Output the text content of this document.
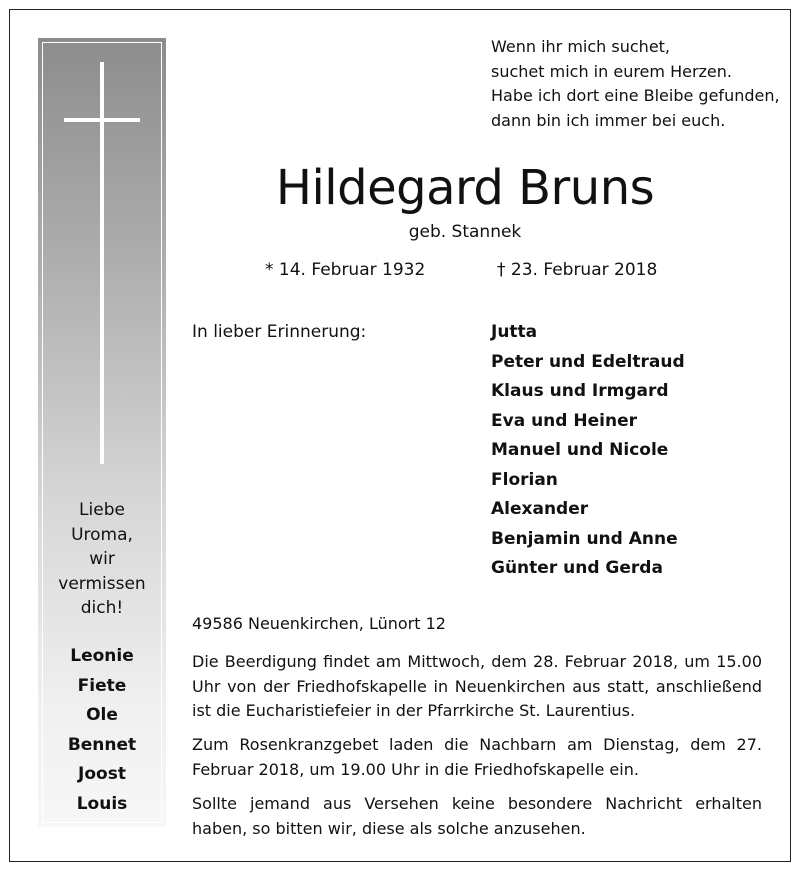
Liebe
Uroma,
wir
vermissen
dich!
Leonie
Fiete
Ole
Bennet
Joost
Louis
Wenn ihr mich suchet,
suchet mich in eurem Herzen.
Habe ich dort eine Bleibe gefunden,
dann bin ich immer bei euch.
Hildegard Bruns
geb. Stannek
* 14. Februar 1932	† 23. Februar 2018
In lieber Erinnerung:	Jutta
Peter und Edeltraud
Klaus und Irmgard
Eva und Heiner
Manuel und Nicole
Florian
Alexander
Benjamin und Anne
Günter und Gerda
49586 Neuenkirchen, Lünort 12
Die Beerdigung findet am Mittwoch, dem 28. Februar 2018, um 15.00 Uhr von der Friedhofskapelle in Neuenkirchen aus statt, anschließend ist die Eucharistiefeier in der Pfarrkirche St. Laurentius.
Zum Rosenkranzgebet laden die Nachbarn am Dienstag, dem 27. Februar 2018, um 19.00 Uhr in die Friedhofskapelle ein.
Sollte jemand aus Versehen keine besondere Nachricht erhalten haben, so bitten wir, diese als solche anzusehen.
